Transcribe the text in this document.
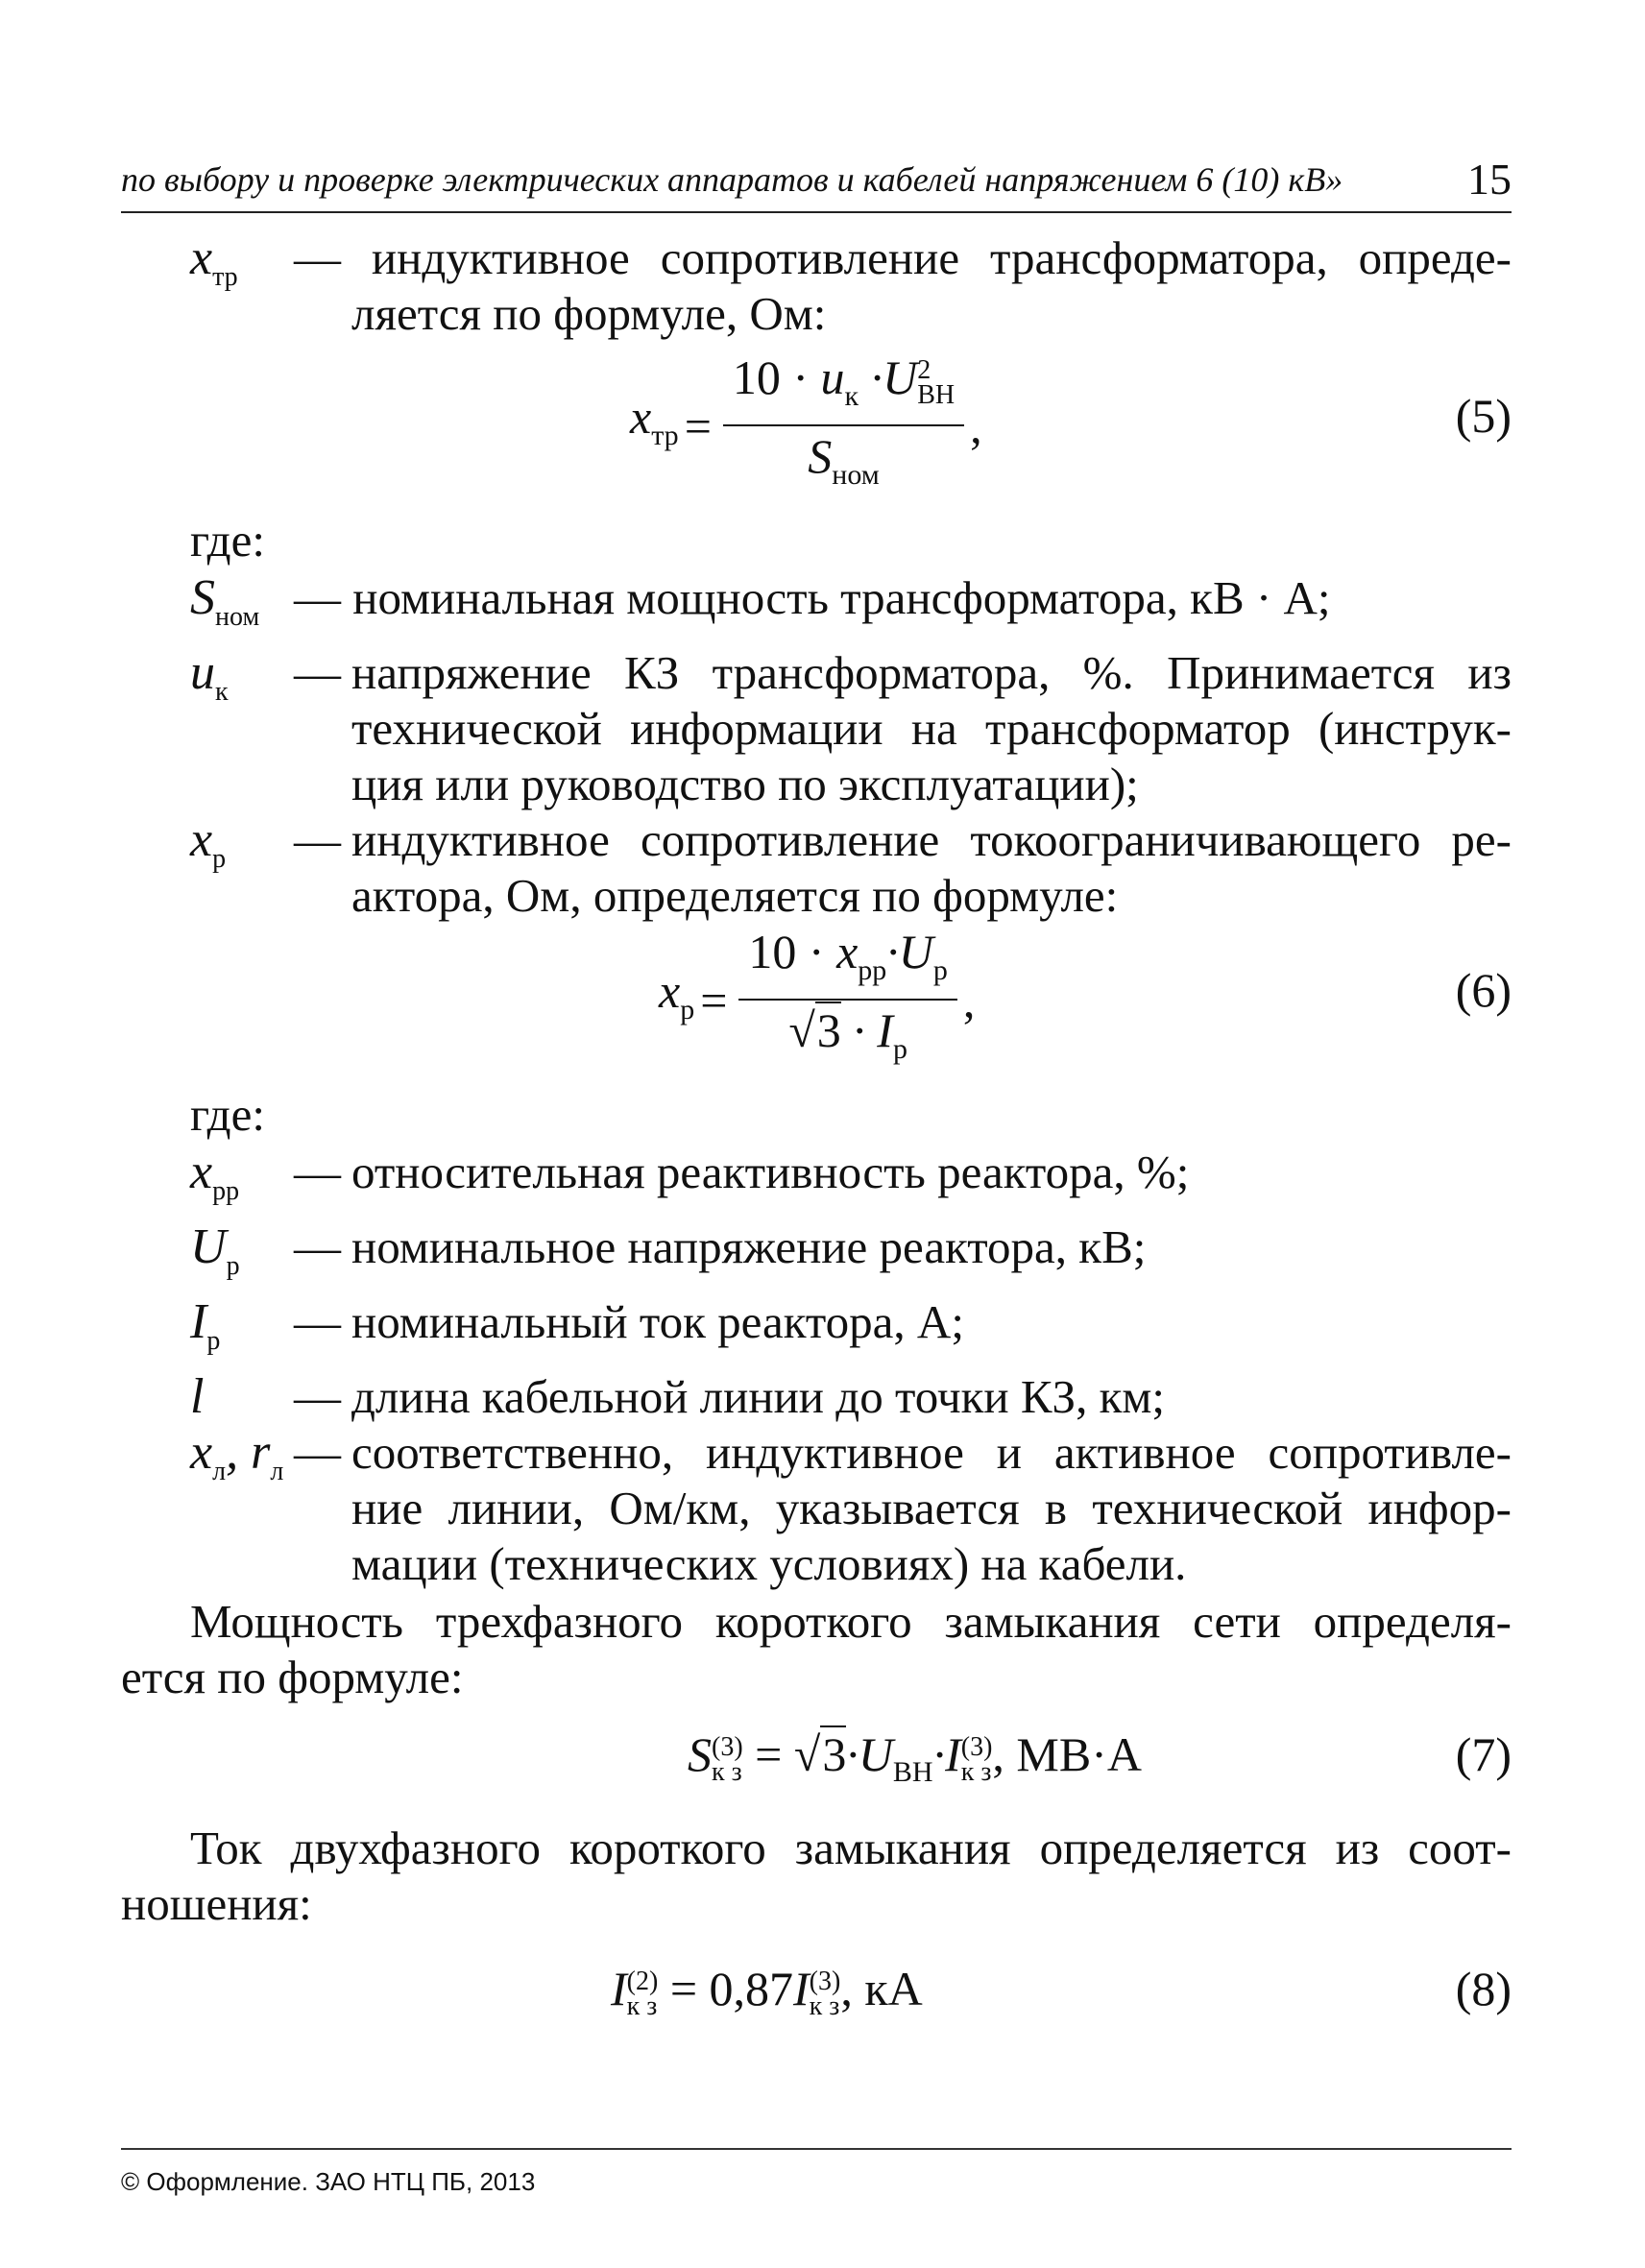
по выбору и проверке электрических аппаратов и кабелей напряжением 6 (10) кВ»	15
$x_{тр}$	— индуктивное сопротивление трансформатора, опреде-
ляется по формуле, Ом:
$x_{тр} = 10 \cdot u_к \cdot U$ 2
ВН
$S_{ном}$ ,	(5)
где:
$S_{ном}$ — номинальная мощность трансформатора, кВ · А;
$u_к$	— напряжение КЗ трансформатора, %. Принимается из
технической информации на трансформатор (инструк-
ция или руководство по эксплуатации);
$x_р$	— индуктивное сопротивление токоограничивающего ре-
актора, Ом, определяется по формуле:
$x_р = \frac{10 \cdot x_{рр}\cdot U_р}{√3 \cdot I_р}$ ,	(6)
где:
$x_{рр}$	— относительная реактивность реактора, %;
$U_р$	— номинальное напряжение реактора, кВ;
$I_р$	— номинальный ток реактора, А;
l	— длина кабельной линии до точки КЗ, км;
$x_л$, $r_л$ — соответственно, индуктивное и активное сопротивле-
ние линии, Ом/км, указывается в технической инфор-
мации (технических условиях) на кабели.
Мощность трехфазного короткого замыкания сети определя-
ется по формуле:
S (3)
к $з = √3\cdot U_{ВН}\cdot I$ (3)
к з , МВ·А	(7)
Ток двухфазного короткого замыкания определяется из соот-
ношения:
I (2)
к з = 0,87I (3)
к з , кА	(8)
© Оформление. ЗАО НТЦ ПБ, 2013
